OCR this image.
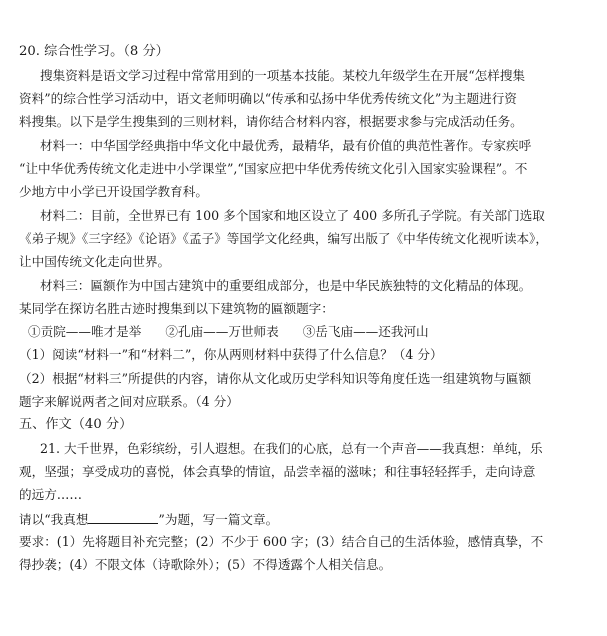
20. 综合性学习。（8 分）
搜集资料是语文学习过程中常常用到的一项基本技能。某校九年级学生在开展“怎样搜集
资料”的综合性学习活动中，语文老师明确以“传承和弘扬中华优秀传统文化”为主题进行资
料搜集。以下是学生搜集到的三则材料，请你结合材料内容，根据要求参与完成活动任务。
材料一：中华国学经典指中华文化中最优秀，最精华，最有价值的典范性著作。专家疾呼
“让中华优秀传统文化走进中小学课堂”,“国家应把中华优秀传统文化引入国家实验课程”。不
少地方中小学已开设国学教育科。
材料二：目前，全世界已有 100 多个国家和地区设立了 400 多所孔子学院。有关部门选取
《弟子规》《三字经》《论语》《孟子》等国学文化经典，编写出版了《中华传统文化视听读本》，
让中国传统文化走向世界。
材料三：匾额作为中国古建筑中的重要组成部分，也是中华民族独特的文化精品的体现。
某同学在探访名胜古迹时搜集到以下建筑物的匾额题字：
①贡院——唯才是举 ②孔庙——万世师表 ③岳飞庙——还我河山
（1）阅读“材料一”和“材料二”，你从两则材料中获得了什么信息？（4 分）
（2）根据“材料三”所提供的内容，请你从文化或历史学科知识等角度任选一组建筑物与匾额
题字来解说两者之间对应联系。（4 分）
五、作文（40 分）
21. 大千世界，色彩缤纷，引人遐想。在我们的心底，总有一个声音——我真想：单纯，乐
观，坚强；享受成功的喜悦，体会真挚的情谊，品尝幸福的滋味；和往事轻轻挥手，走向诗意
的远方……
请以“我真想	”为题，写一篇文章。
要求：(1）先将题目补充完整；(2）不少于 600 字；(3）结合自己的生活体验，感情真挚，不
得抄袭；(4）不限文体（诗歌除外）；(5）不得透露个人相关信息。
